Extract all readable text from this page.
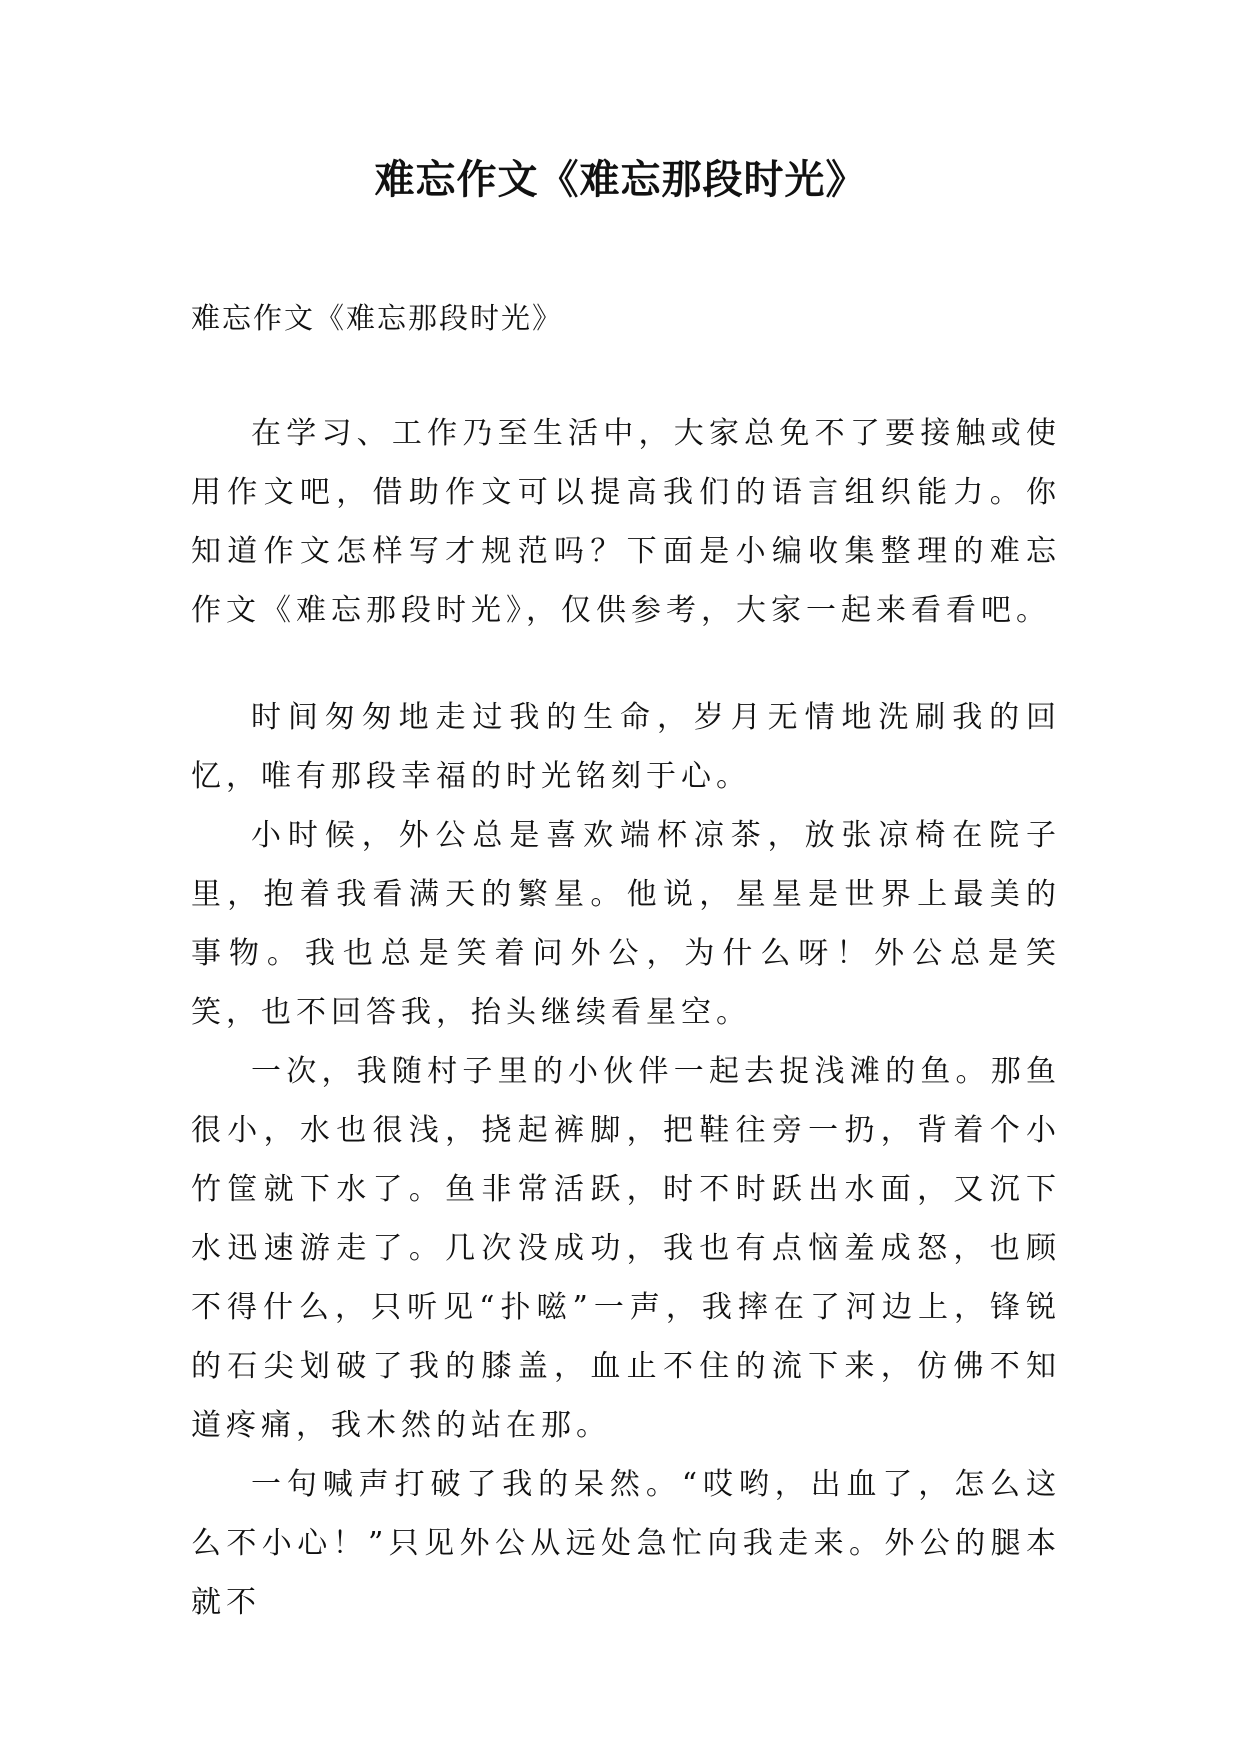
难忘作文《难忘那段时光》
难忘作文《难忘那段时光》

在学习、工作乃至生活中，大家总免不了要接触或使用作文吧，借助作文可以提高我们的语言组织能力。你知道作文怎样写才规范吗？下面是小编收集整理的难忘作文《难忘那段时光》，仅供参考，大家一起来看看吧。

时间匆匆地走过我的生命，岁月无情地洗刷我的回忆，唯有那段幸福的时光铭刻于心。

小时候，外公总是喜欢端杯凉茶，放张凉椅在院子里，抱着我看满天的繁星。他说，星星是世界上最美的事物。我也总是笑着问外公，为什么呀！外公总是笑笑，也不回答我，抬头继续看星空。

一次，我随村子里的小伙伴一起去捉浅滩的鱼。那鱼很小，水也很浅，挠起裤脚，把鞋往旁一扔，背着个小竹筐就下水了。鱼非常活跃，时不时跃出水面，又沉下水迅速游走了。几次没成功，我也有点恼羞成怒，也顾不得什么，只听见“扑嗞”一声，我摔在了河边上，锋锐的石尖划破了我的膝盖，血止不住的流下来，仿佛不知道疼痛，我木然的站在那。

一句喊声打破了我的呆然。“哎哟，出血了，怎么这么不小心！”只见外公从远处急忙向我走来。外公的腿本就不
